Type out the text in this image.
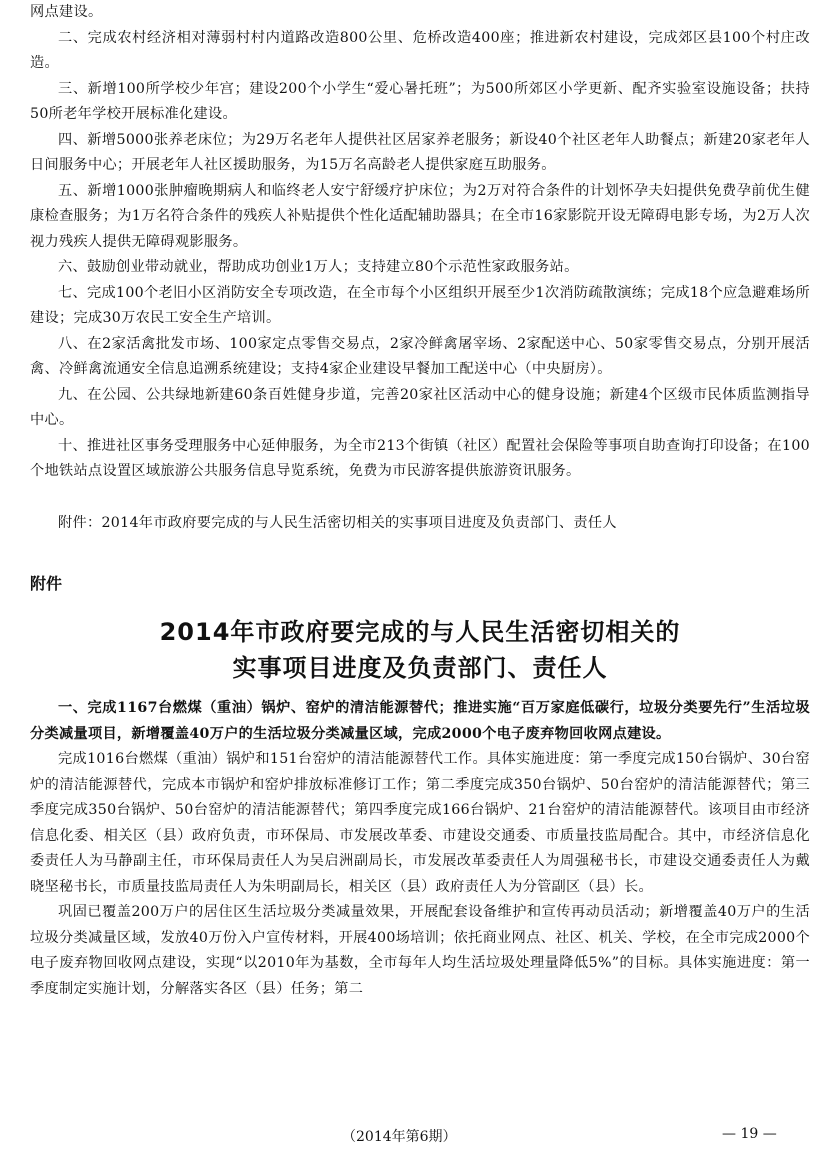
网点建设。

二、完成农村经济相对薄弱村村内道路改造800公里、危桥改造400座；推进新农村建设，完成郊区县100个村庄改造。

三、新增100所学校少年宫；建设200个小学生“爱心暑托班”；为500所郊区小学更新、配齐实验室设施设备；扶持50所老年学校开展标准化建设。

四、新增5000张养老床位；为29万名老年人提供社区居家养老服务；新设40个社区老年人助餐点；新建20家老年人日间服务中心；开展老年人社区援助服务，为15万名高龄老人提供家庭互助服务。

五、新增1000张肿瘤晚期病人和临终老人安宁舒缓疗护床位；为2万对符合条件的计划怀孕夫妇提供免费孕前优生健康检查服务；为1万名符合条件的残疾人补贴提供个性化适配辅助器具；在全市16家影院开设无障碍电影专场，为2万人次视力残疾人提供无障碍观影服务。

六、鼓励创业带动就业，帮助成功创业1万人；支持建立80个示范性家政服务站。

七、完成100个老旧小区消防安全专项改造，在全市每个小区组织开展至少1次消防疏散演练；完成18个应急避难场所建设；完成30万农民工安全生产培训。

八、在2家活禽批发市场、100家定点零售交易点，2家冷鲜禽屠宰场、2家配送中心、50家零售交易点，分别开展活禽、冷鲜禽流通安全信息追溯系统建设；支持4家企业建设早餐加工配送中心（中央厨房）。

九、在公园、公共绿地新建60条百姓健身步道，完善20家社区活动中心的健身设施；新建4个区级市民体质监测指导中心。

十、推进社区事务受理服务中心延伸服务，为全市213个街镇（社区）配置社会保险等事项自助查询打印设备；在100个地铁站点设置区域旅游公共服务信息导览系统，免费为市民游客提供旅游资讯服务。

附件：2014年市政府要完成的与人民生活密切相关的实事项目进度及负责部门、责任人

附件

2014年市政府要完成的与人民生活密切相关的
实事项目进度及负责部门、责任人

一、完成1167台燃煤（重油）锅炉、窑炉的清洁能源替代；推进实施“百万家庭低碳行，垃圾分类要先行”生活垃圾分类减量项目，新增覆盖40万户的生活垃圾分类减量区域，完成2000个电子废弃物回收网点建设。

完成1016台燃煤（重油）锅炉和151台窑炉的清洁能源替代工作。具体实施进度：第一季度完成150台锅炉、30台窑炉的清洁能源替代，完成本市锅炉和窑炉排放标准修订工作；第二季度完成350台锅炉、50台窑炉的清洁能源替代；第三季度完成350台锅炉、50台窑炉的清洁能源替代；第四季度完成166台锅炉、21台窑炉的清洁能源替代。该项目由市经济信息化委、相关区（县）政府负责，市环保局、市发展改革委、市建设交通委、市质量技监局配合。其中，市经济信息化委责任人为马静副主任，市环保局责任人为吴启洲副局长，市发展改革委责任人为周强秘书长，市建设交通委责任人为戴晓坚秘书长，市质量技监局责任人为朱明副局长，相关区（县）政府责任人为分管副区（县）长。

巩固已覆盖200万户的居住区生活垃圾分类减量效果，开展配套设备维护和宣传再动员活动；新增覆盖40万户的生活垃圾分类减量区域，发放40万份入户宣传材料，开展400场培训；依托商业网点、社区、机关、学校，在全市完成2000个电子废弃物回收网点建设，实现“以2010年为基数，全市每年人均生活垃圾处理量降低5%”的目标。具体实施进度：第一季度制定实施计划，分解落实各区（县）任务；第二

（2014年第6期）	— 19 —
